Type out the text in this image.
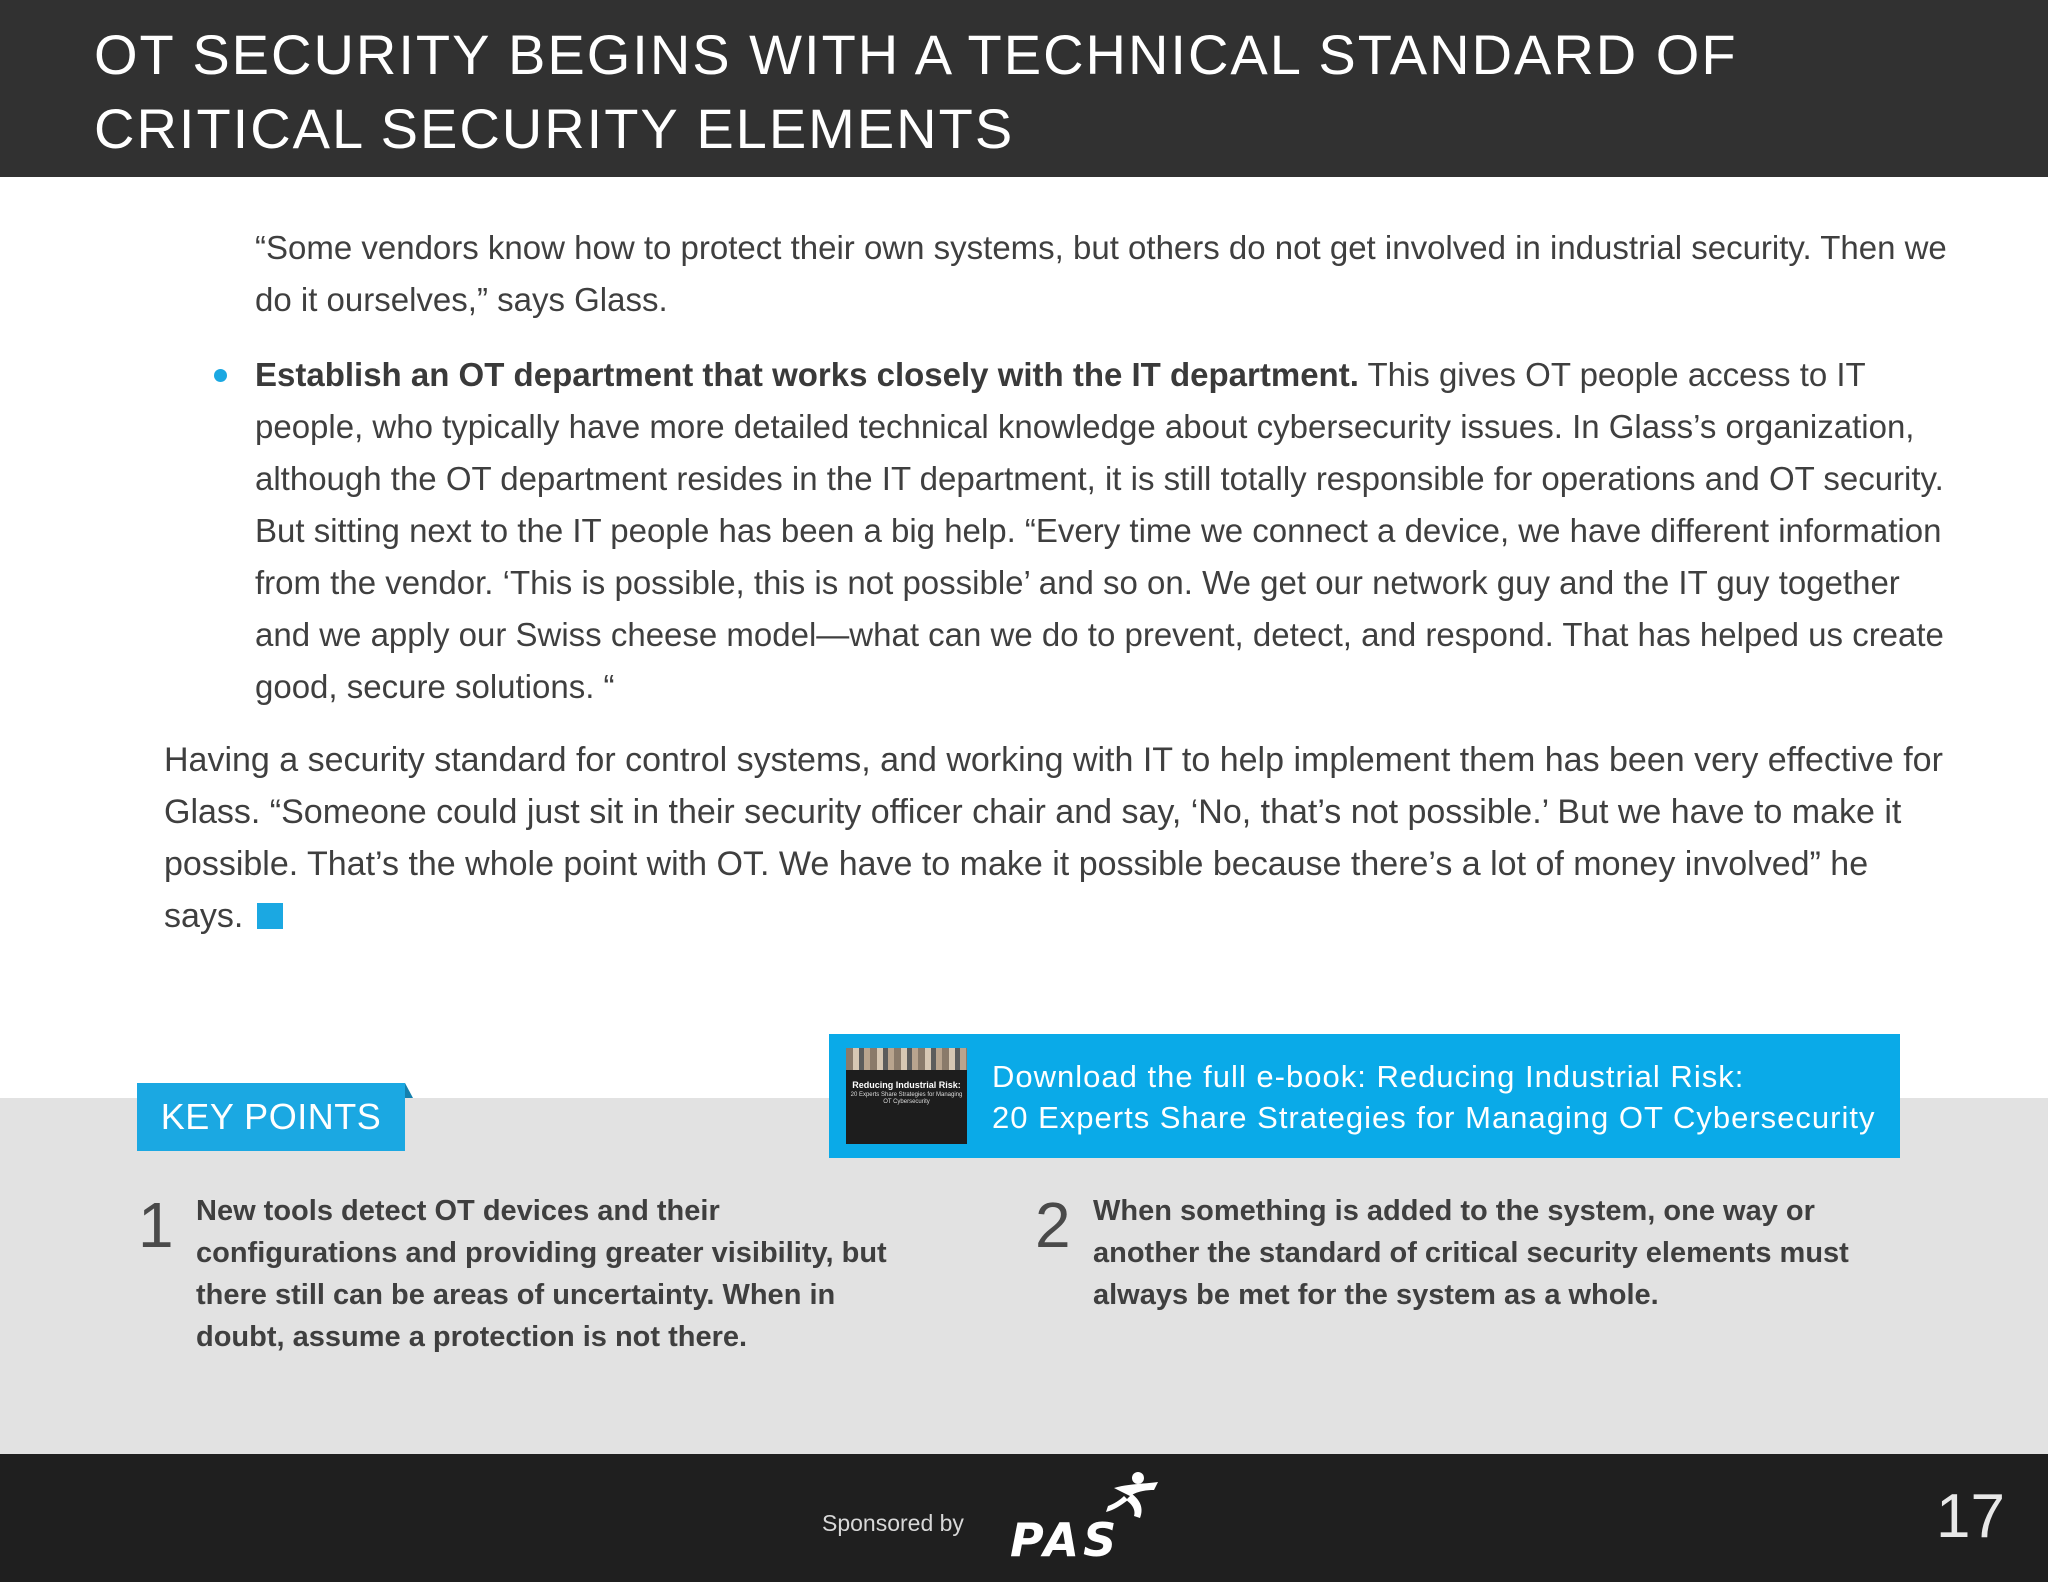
OT SECURITY BEGINS WITH A TECHNICAL STANDARD OF CRITICAL SECURITY ELEMENTS

“Some vendors know how to protect their own systems, but others do not get involved in industrial security. Then we do it ourselves,” says Glass.

Establish an OT department that works closely with the IT department. This gives OT people access to IT people, who typically have more detailed technical knowledge about cybersecurity issues. In Glass’s organization, although the OT department resides in the IT department, it is still totally responsible for operations and OT security. But sitting next to the IT people has been a big help. “Every time we connect a device, we have different information from the vendor. ‘This is possible, this is not possible’ and so on. We get our network guy and the IT guy together and we apply our Swiss cheese model—what can we do to prevent, detect, and respond. That has helped us create good, secure solutions. “

Having a security standard for control systems, and working with IT to help implement them has been very effective for Glass. “Someone could just sit in their security officer chair and say, ‘No, that’s not possible.’ But we have to make it possible. That’s the whole point with OT. We have to make it possible because there’s a lot of money involved” he says.

KEY POINTS
Reducing Industrial Risk:
20 Experts Share Strategies for Managing OT Cybersecurity

Download the full e-book: Reducing Industrial Risk:
20 Experts Share Strategies for Managing OT Cybersecurity

1 New tools detect OT devices and their configurations and providing greater visibility, but there still can be areas of uncertainty. When in doubt, assume a protection is not there.

2 When something is added to the system, one way or another the standard of critical security elements must always be met for the system as a whole.

Sponsored by PAS	17
